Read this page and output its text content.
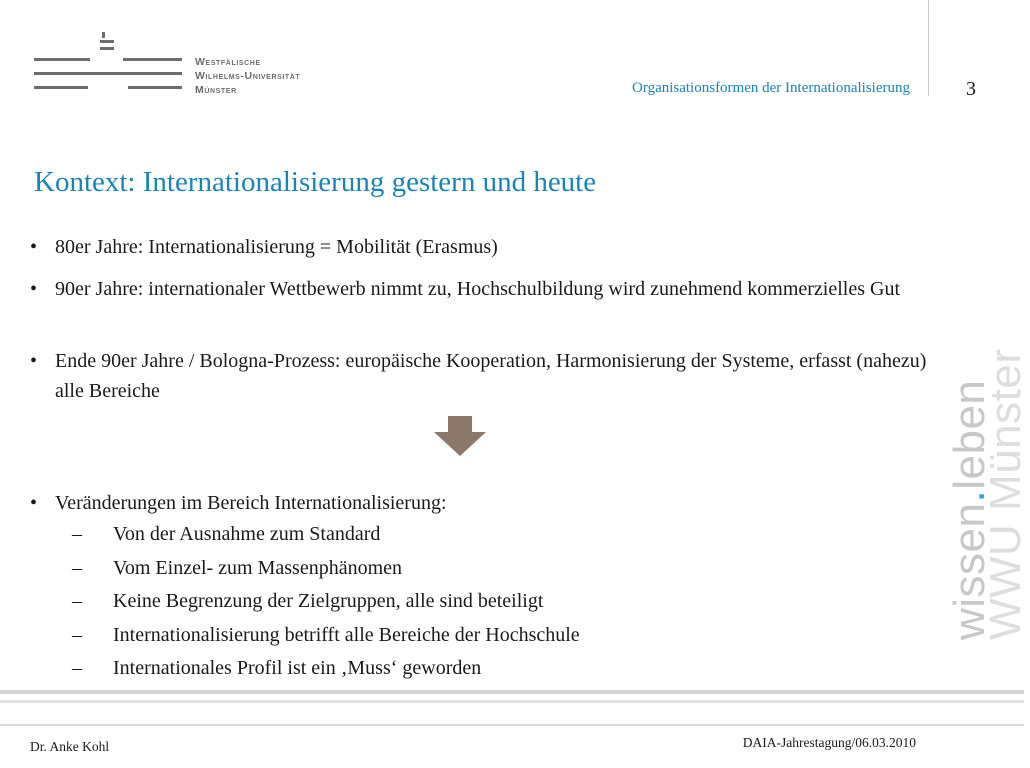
Westfälische
Wilhelms-Universität
Münster	Organisationsformen der Internationalisierung	3
Kontext: Internationalisierung gestern und heute
• 80er Jahre: Internationalisierung = Mobilität (Erasmus)
• 90er Jahre: internationaler Wettbewerb nimmt zu, Hochschulbildung wird zunehmend kommerzielles Gut
• Ende 90er Jahre / Bologna-Prozess: europäische Kooperation, Harmonisierung der Systeme, erfasst (nahezu) alle Bereiche
• Veränderungen im Bereich Internationalisierung:
– Von der Ausnahme zum Standard
– Vom Einzel- zum Massenphänomen
– Keine Begrenzung der Zielgruppen, alle sind beteiligt
– Internationalisierung betrifft alle Bereiche der Hochschule
– Internationales Profil ist ein ‚Muss‘ geworden
wissen.leben
WWU Münster
Dr. Anke Kohl	DAIA-Jahrestagung/06.03.2010
